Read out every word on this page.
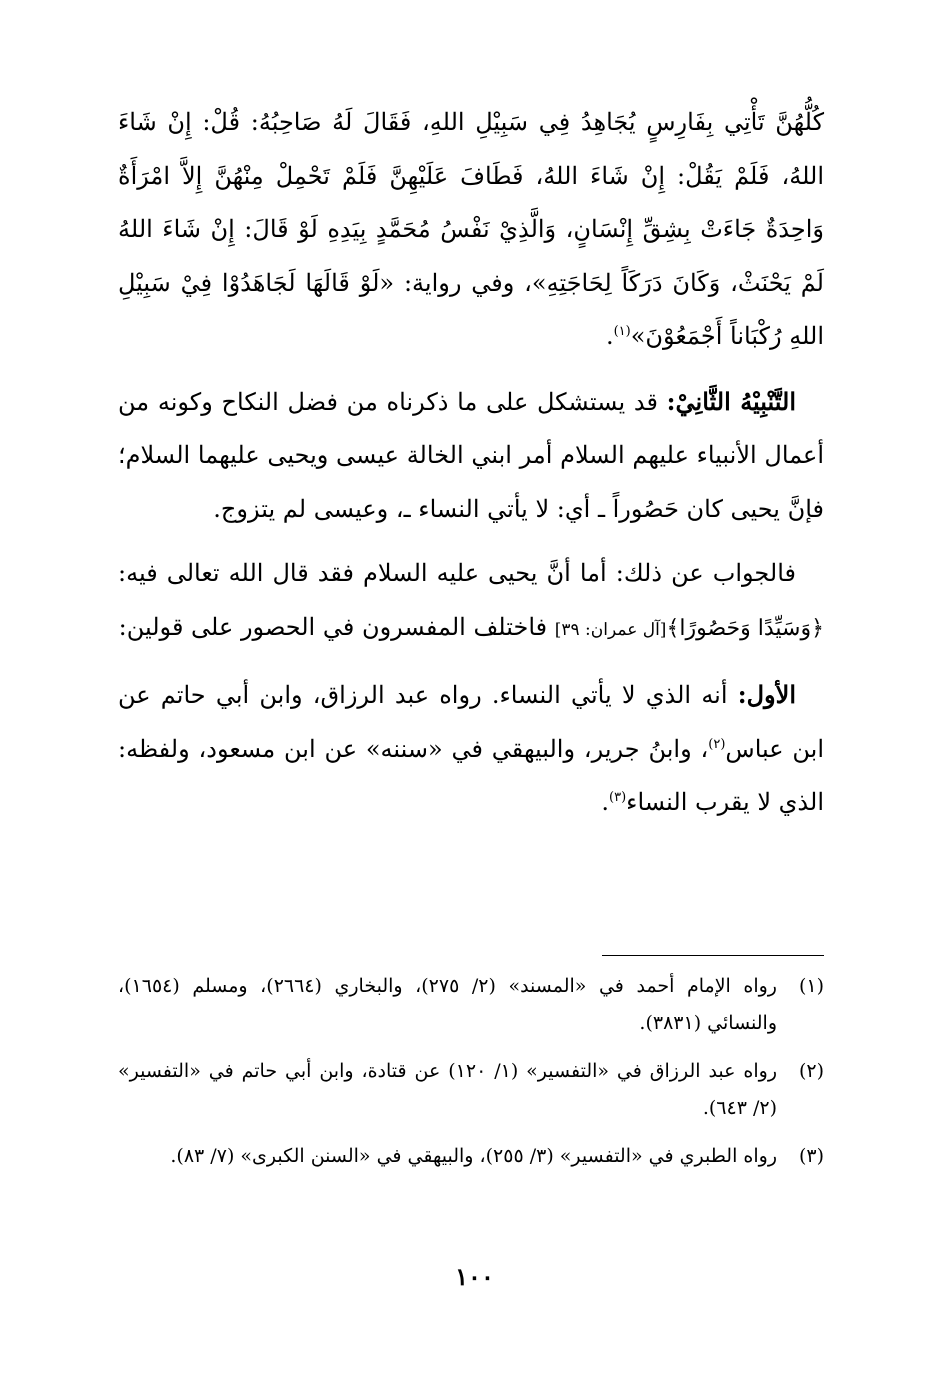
كُلُّهُنَّ تَأْتِي بِفَارِسٍ يُجَاهِدُ فِي سَبِيْلِ اللهِ، فَقَالَ لَهُ صَاحِبُهُ: قُلْ: إِنْ شَاءَ اللهُ، فَلَمْ يَقُلْ: إِنْ شَاءَ اللهُ، فَطَافَ عَلَيْهِنَّ فَلَمْ تَحْمِلْ مِنْهُنَّ إِلاَّ امْرَأَةٌ وَاحِدَةٌ جَاءَتْ بِشِقِّ إِنْسَانٍ، وَالَّذِيْ نَفْسُ مُحَمَّدٍ بِيَدِهِ لَوْ قَالَ: إِنْ شَاءَ اللهُ لَمْ يَحْنَثْ، وَكَانَ دَرَكَاً لِحَاجَتِهِ»، وفي رواية: «لَوْ قَالَهَا لَجَاهَدُوْا فِيْ سَبِيْلِ اللهِ رُكْبَاناً أَجْمَعُوْنَ»$^{(١)}$.

التَّنْبِيْهُ الثَّانِيْ: قد يستشكل على ما ذكرناه من فضل النكاح وكونه من أعمال الأنبياء عليهم السلام أمر ابني الخالة عيسى ويحيى عليهما السلام؛ فإنَّ يحيى كان حَصُوراً ـ أي: لا يأتي النساء ـ، وعيسى لم يتزوج.

فالجواب عن ذلك: أما أنَّ يحيى عليه السلام فقد قال الله تعالى فيه: ﴿وَسَيِّدًا وَحَصُورًا﴾[آل عمران: ٣٩] فاختلف المفسرون في الحصور على قولين:

الأول: أنه الذي لا يأتي النساء. رواه عبد الرزاق، وابن أبي حاتم عن ابن عباس$^{(٢)}$، وابنُ جرير، والبيهقي في «سننه» عن ابن مسعود، ولفظه: الذي لا يقرب النساء$^{(٣)}$.

(١)
رواه الإمام أحمد في «المسند» (٢/ ٢٧٥)، والبخاري (٢٦٦٤)، ومسلم (١٦٥٤)، والنسائي (٣٨٣١).
(٢)
رواه عبد الرزاق في «التفسير» (١/ ١٢٠) عن قتادة، وابن أبي حاتم في «التفسير» (٢/ ٦٤٣).
(٣)
رواه الطبري في «التفسير» (٣/ ٢٥٥)، والبيهقي في «السنن الكبرى» (٧/ ٨٣).
١٠٠
